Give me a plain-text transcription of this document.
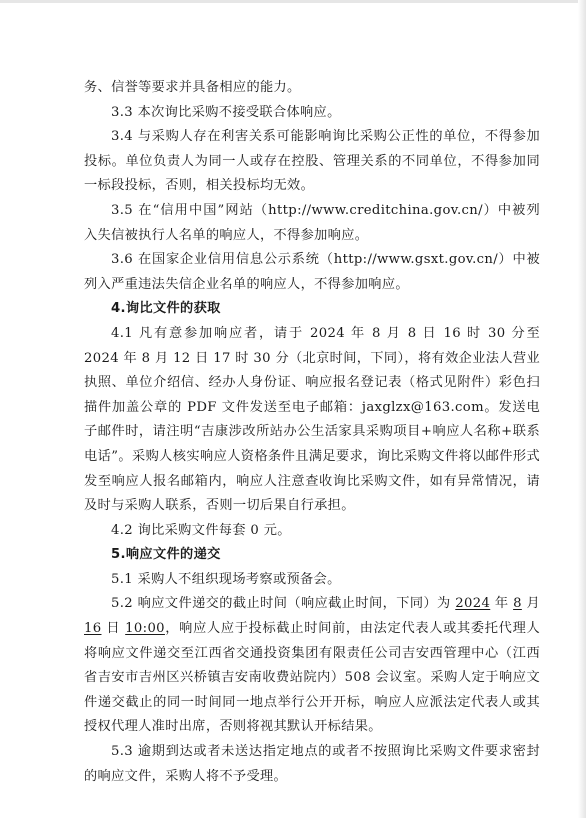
务、信誉等要求并具备相应的能力。

3.3 本次询比采购不接受联合体响应。

3.4 与采购人存在利害关系可能影响询比采购公正性的单位，不得参加投标。单位负责人为同一人或存在控股、管理关系的不同单位，不得参加同一标段投标，否则，相关投标均无效。

3.5 在“信用中国”网站（http://www.creditchina.gov.cn/）中被列入失信被执行人名单的响应人，不得参加响应。

3.6 在国家企业信用信息公示系统（http://www.gsxt.gov.cn/）中被列入严重违法失信企业名单的响应人，不得参加响应。

4.询比文件的获取

4.1 凡有意参加响应者，请于 2024 年 8 月 8 日 16 时 30 分至 2024 年 8 月 12 日 17 时 30 分（北京时间，下同），将有效企业法人营业执照、单位介绍信、经办人身份证、响应报名登记表（格式见附件）彩色扫描件加盖公章的 PDF 文件发送至电子邮箱：jaxglzx@163.com。发送电子邮件时，请注明“吉康涉改所站办公生活家具采购项目+响应人名称+联系电话”。采购人核实响应人资格条件且满足要求，询比采购文件将以邮件形式发至响应人报名邮箱内，响应人注意查收询比采购文件，如有异常情况，请及时与采购人联系，否则一切后果自行承担。

4.2 询比采购文件每套 0 元。

5.响应文件的递交

5.1 采购人不组织现场考察或预备会。

5.2 响应文件递交的截止时间（响应截止时间，下同）为 2024 年 8 月 16 日 10:00，响应人应于投标截止时间前，由法定代表人或其委托代理人将响应文件递交至江西省交通投资集团有限责任公司吉安西管理中心（江西省吉安市吉州区兴桥镇吉安南收费站院内）508 会议室。采购人定于响应文件递交截止的同一时间同一地点举行公开开标，响应人应派法定代表人或其授权代理人准时出席，否则将视其默认开标结果。

5.3 逾期到达或者未送达指定地点的或者不按照询比采购文件要求密封的响应文件，采购人将不予受理。
